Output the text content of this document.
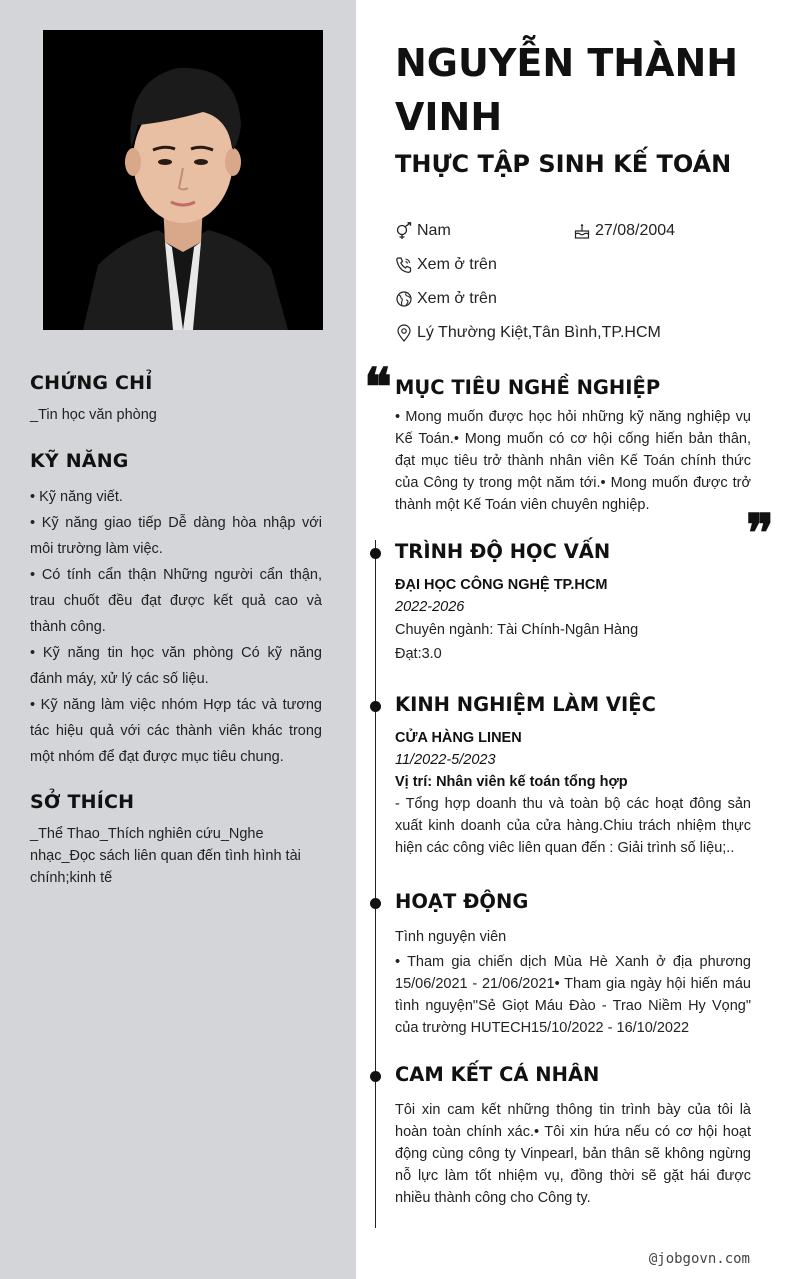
CHỨNG CHỈ
_Tin học văn phòng
KỸ NĂNG
• Kỹ năng viết.
• Kỹ năng giao tiếp Dễ dàng hòa nhập với môi trường làm việc.
• Có tính cẩn thận Những người cẩn thận, trau chuốt đều đạt được kết quả cao và thành công.
• Kỹ năng tin học văn phòng Có kỹ năng đánh máy, xử lý các số liệu.
• Kỹ năng làm việc nhóm Hợp tác và tương tác hiệu quả với các thành viên khác trong một nhóm để đạt được mục tiêu chung.
SỞ THÍCH
_Thể Thao_Thích nghiên cứu_Nghe nhạc_Đọc sách liên quan đến tình hình tài chính;kinh tế
NGUYỄN THÀNH VINH
THỰC TẬP SINH KẾ TOÁN
Nam	27/08/2004
Xem ở trên
Xem ở trên
Lý Thường Kiệt,Tân Bình,TP.HCM
❝
❞
MỤC TIÊU NGHỀ NGHIỆP
• Mong muốn được học hỏi những kỹ năng nghiệp vụ Kế Toán.• Mong muốn có cơ hội cống hiến bản thân, đạt mục tiêu trở thành nhân viên Kế Toán chính thức của Công ty trong một năm tới.• Mong muốn được trở thành một Kế Toán viên chuyên nghiệp.
TRÌNH ĐỘ HỌC VẤN
ĐẠI HỌC CÔNG NGHỆ TP.HCM
2022-2026
Chuyên ngành: Tài Chính-Ngân Hàng
Đạt:3.0
KINH NGHIỆM LÀM VIỆC
CỬA HÀNG LINEN
11/2022-5/2023
Vị trí: Nhân viên kế toán tổng hợp
- Tổng hợp doanh thu và toàn bộ các hoạt đông sản xuất kinh doanh của cửa hàng.Chiu trách nhiệm thực hiện các công viêc liên quan đến : Giải trình số liệu;..
HOẠT ĐỘNG
Tình nguyện viên
• Tham gia chiến dịch Mùa Hè Xanh ở địa phương 15/06/2021 - 21/06/2021• Tham gia ngày hội hiến máu tình nguyện"Sẻ Giọt Máu Đào - Trao Niềm Hy Vọng" của trường HUTECH15/10/2022 - 16/10/2022
CAM KẾT CÁ NHÂN
Tôi xin cam kết những thông tin trình bày của tôi là hoàn toàn chính xác.• Tôi xin hứa nếu có cơ hội hoạt động cùng công ty Vinpearl, bản thân sẽ không ngừng nỗ lực làm tốt nhiệm vụ, đồng thời sẽ gặt hái được nhiều thành công cho Công ty.
@jobgovn.com
